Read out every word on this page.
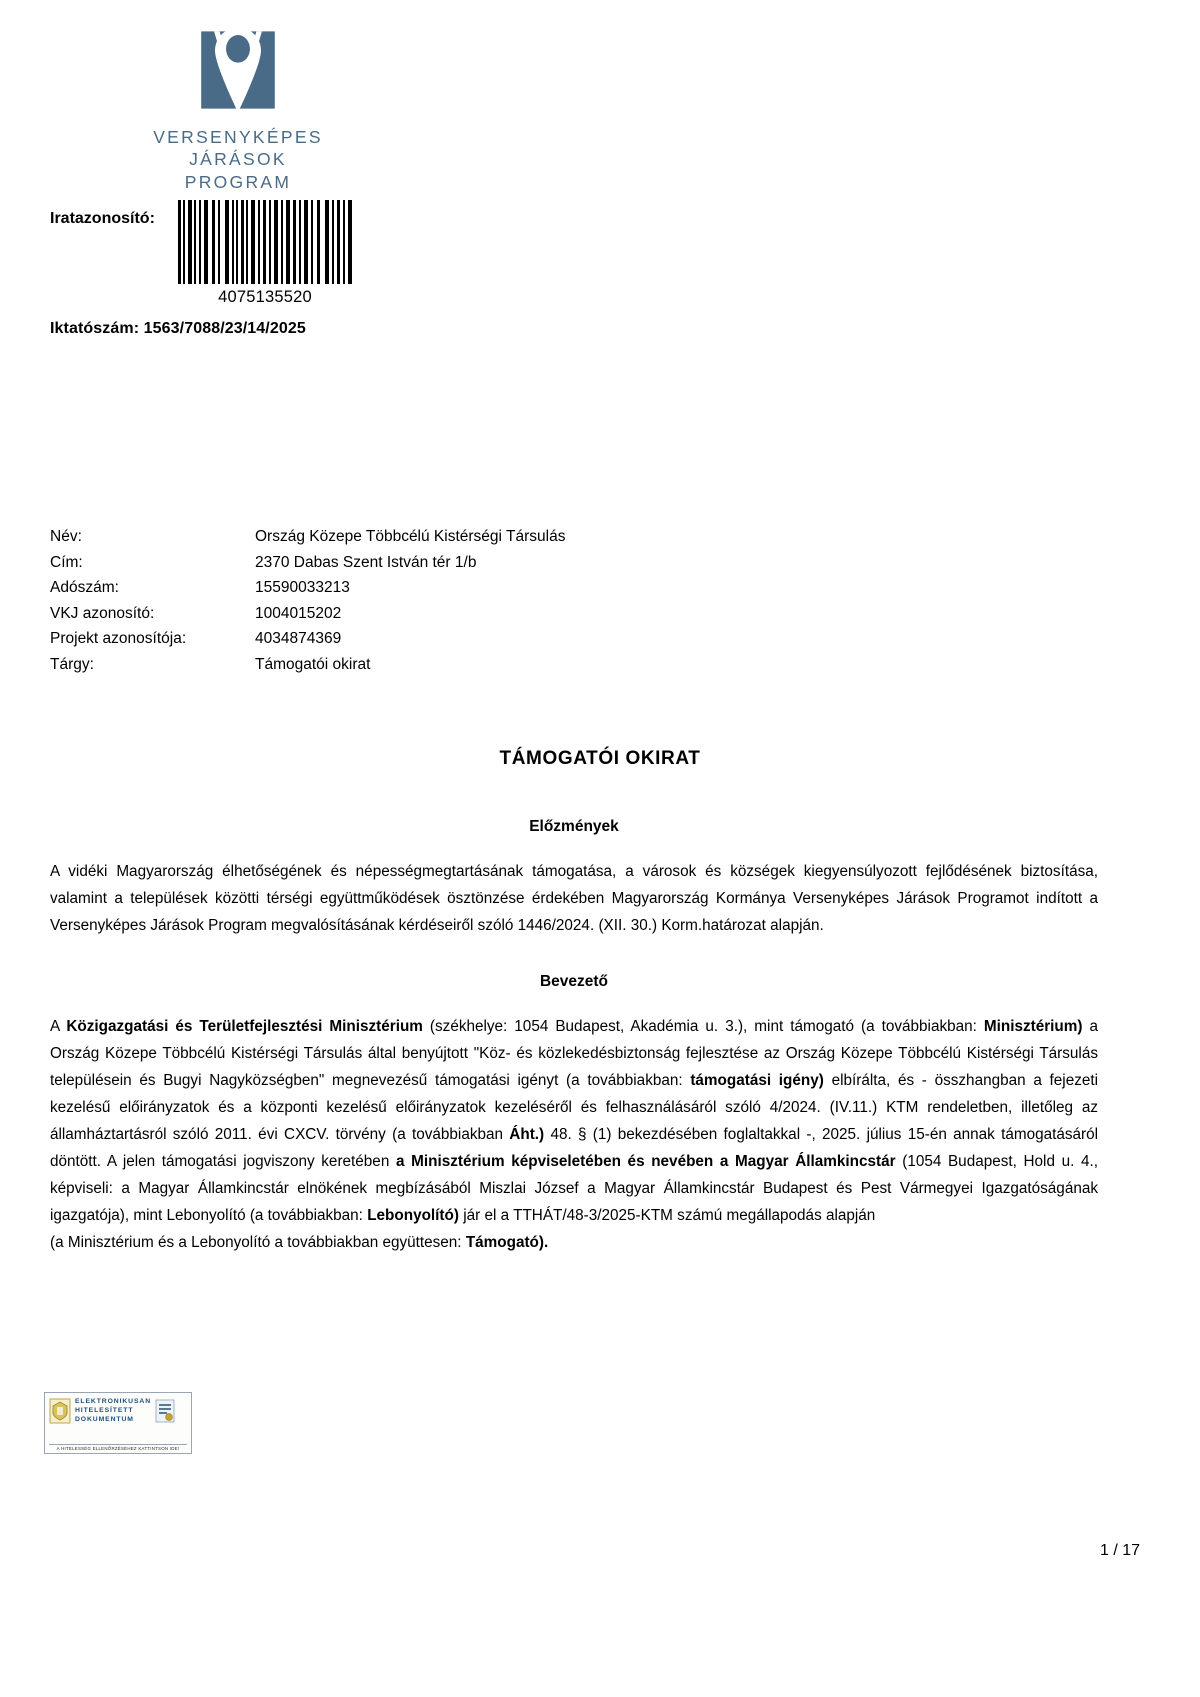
VERSENYKÉPES JÁRÁSOK
PROGRAM
Iratazonosító:
4075135520
Iktatószám: 1563/7088/23/14/2025
Név:	Ország Közepe Többcélú Kistérségi Társulás
Cím:	2370 Dabas Szent István tér 1/b
Adószám:	15590033213
VKJ azonosító:	1004015202
Projekt azonosítója:	4034874369
Tárgy:	Támogatói okirat
TÁMOGATÓI OKIRAT
Előzmények

A vidéki Magyarország élhetőségének és népességmegtartásának támogatása, a városok és községek kiegyensúlyozott fejlődésének biztosítása, valamint a települések közötti térségi együttműködések ösztönzése érdekében Magyarország Kormánya Versenyképes Járások Programot indított a Versenyképes Járások Program megvalósításának kérdéseiről szóló 1446/2024. (XII. 30.) Korm.határozat alapján.

Bevezető

A Közigazgatási és Területfejlesztési Minisztérium (székhelye: 1054 Budapest, Akadémia u. 3.), mint támogató (a továbbiakban: Minisztérium) a Ország Közepe Többcélú Kistérségi Társulás által benyújtott "Köz- és közlekedésbiztonság fejlesztése az Ország Közepe Többcélú Kistérségi Társulás településein és Bugyi Nagyközségben" megnevezésű támogatási igényt (a továbbiakban: támogatási igény) elbírálta, és - összhangban a fejezeti kezelésű előirányzatok és a központi kezelésű előirányzatok kezeléséről és felhasználásáról szóló 4/2024. (IV.11.) KTM rendeletben, illetőleg az államháztartásról szóló 2011. évi CXCV. törvény (a továbbiakban Áht.) 48. § (1) bekezdésében foglaltakkal -, 2025. július 15-én annak támogatásáról döntött. A jelen támogatási jogviszony keretében a Minisztérium képviseletében és nevében a Magyar Államkincstár (1054 Budapest, Hold u. 4., képviseli: a Magyar Államkincstár elnökének megbízásából Miszlai József a Magyar Államkincstár Budapest és Pest Vármegyei Igazgatóságának igazgatója), mint Lebonyolító (a továbbiakban: Lebonyolító) jár el a TTHÁT/48-3/2025-KTM számú megállapodás alapján

(a Minisztérium és a Lebonyolító a továbbiakban együttesen: Támogató).

ELEKTRONIKUSAN
HITELESÍTETT
DOKUMENTUM
A HITELESSÉG ELLENŐRZÉSÉHEZ KATTINTSON IDE!
1 / 17
